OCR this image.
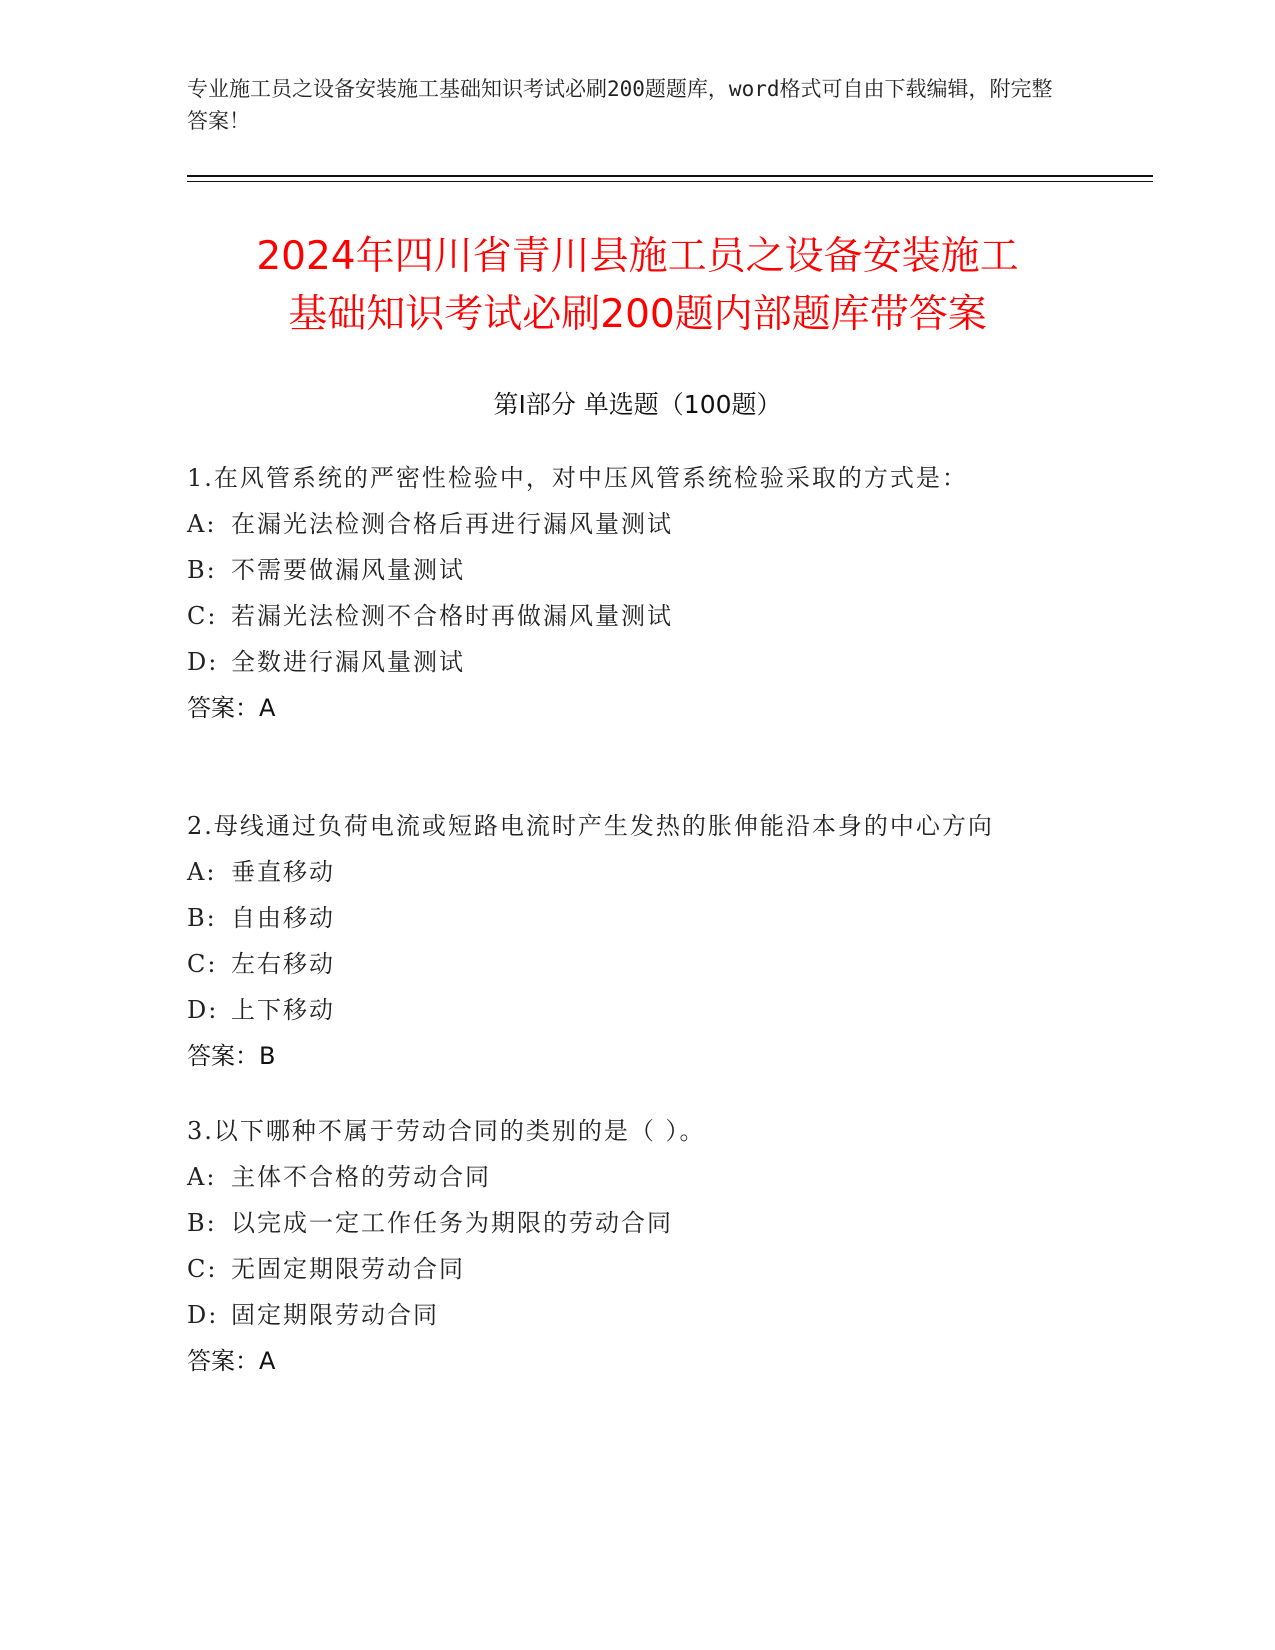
专业施工员之设备安装施工基础知识考试必刷200题题库，word格式可自由下载编辑，附完整答案！
2024年四川省青川县施工员之设备安装施工
基础知识考试必刷200题内部题库带答案
第Ⅰ部分 单选题（100题）
1.在风管系统的严密性检验中，对中压风管系统检验采取的方式是：
A: 在漏光法检测合格后再进行漏风量测试
B: 不需要做漏风量测试
C: 若漏光法检测不合格时再做漏风量测试
D: 全数进行漏风量测试
答案：A
2.母线通过负荷电流或短路电流时产生发热的胀伸能沿本身的中心方向
A: 垂直移动
B: 自由移动
C: 左右移动
D: 上下移动
答案：B
3.以下哪种不属于劳动合同的类别的是（ ）。
A: 主体不合格的劳动合同
B: 以完成一定工作任务为期限的劳动合同
C: 无固定期限劳动合同
D: 固定期限劳动合同
答案：A
